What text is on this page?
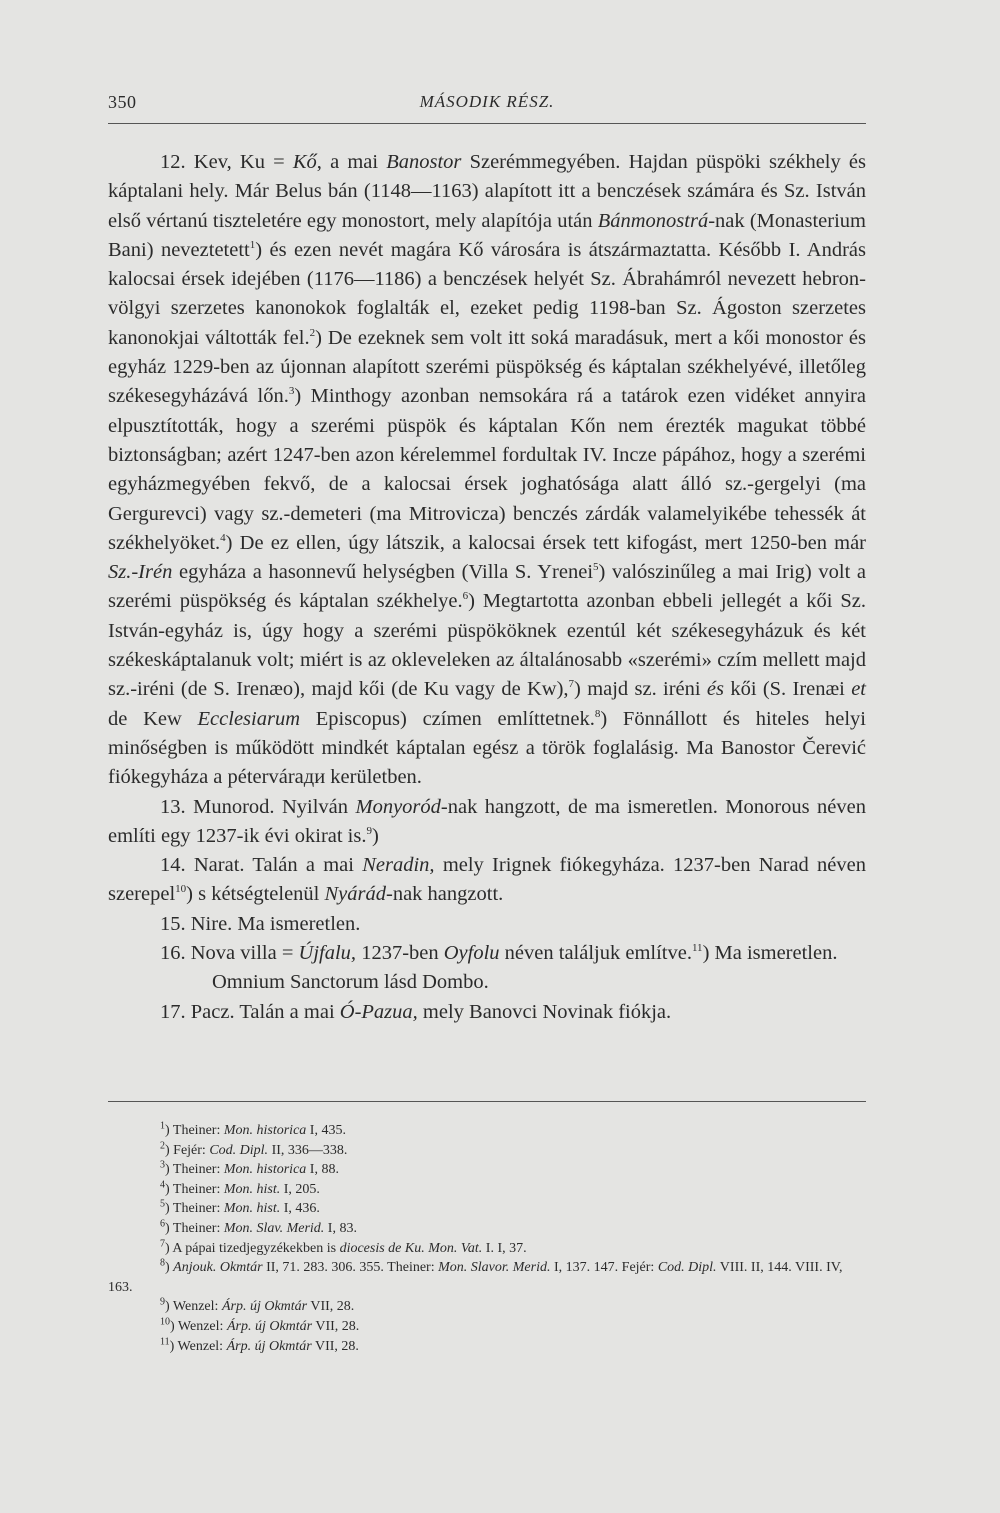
350	MÁSODIK RÉSZ.

12. Kev, Ku = Kő, a mai Banostor Szerémmegyében. Hajdan püspöki székhely és káptalani hely. Már Belus bán (1148—1163) alapított itt a benczések számára és Sz. István első vértanú tiszteletére egy monostort, mely alapítója után Bánmonostrá-nak (Monasterium Bani) neveztetett$^1$) és ezen nevét magára Kő városára is átszármaztatta. Később I. András kalocsai érsek idejében (1176—1186) a benczések helyét Sz. Ábrahámról nevezett hebron-völgyi szerzetes kanonokok foglalták el, ezeket pedig 1198-ban Sz. Ágoston szerzetes kanonokjai váltották fel.$^2$) De ezeknek sem volt itt soká maradásuk, mert a kői monostor és egyház 1229-ben az újonnan alapított szerémi püspökség és káptalan székhelyévé, illetőleg székesegyházává lőn.$^3$) Minthogy azonban nemsokára rá a tatárok ezen vidéket annyira elpusztították, hogy a szerémi püspök és káptalan Kőn nem érezték magukat többé biztonságban; azért 1247-ben azon kérelemmel fordultak IV. Incze pápához, hogy a szerémi egyházmegyében fekvő, de a kalocsai érsek joghatósága alatt álló sz.-gergelyi (ma Gergurevci) vagy sz.-demeteri (ma Mitrovicza) benczés zárdák valamelyikébe tehessék át székhelyöket.$^4$) De ez ellen, úgy látszik, a kalocsai érsek tett kifogást, mert 1250-ben már Sz.-Irén egyháza a hasonnevű helységben (Villa S. Yrenei$^5$) valószinűleg a mai Irig) volt a szerémi püspökség és káptalan székhelye.$^6$) Megtartotta azonban ebbeli jellegét a kői Sz. István-egyház is, úgy hogy a szerémi püspököknek ezentúl két székesegyházuk és két székeskáptalanuk volt; miért is az okleveleken az általánosabb «szerémi» czím mellett majd sz.-iréni (de S. Irenæo), majd kői (de Ku vagy de Kw),$^7$) majd sz. iréni és kői (S. Irenæi et de Kew Ecclesiarum Episcopus) czímen említtetnek.$^8$) Fönnállott és hiteles helyi minőségben is működött mindkét káptalan egész a török foglalásig. Ma Banostor Čerević fiókegyháza a pétervárади kerületben.

13. Munorod. Nyilván Monyoród-nak hangzott, de ma ismeretlen. Monorous néven említi egy 1237-ik évi okirat is.$^9$)

14. Narat. Talán a mai Neradin, mely Irignek fiókegyháza. 1237-ben Narad néven szerepel$^{10}$) s kétségtelenül Nyárád-nak hangzott.

15. Nire. Ma ismeretlen.

16. Nova villa = Újfalu, 1237-ben Oyfolu néven találjuk említve.$^{11}$) Ma ismeretlen.

Omnium Sanctorum lásd Dombo.

17. Pacz. Talán a mai Ó-Pazua, mely Banovci Novinak fiókja.

$^1$) Theiner: Mon. historica I, 435.

$^2$) Fejér: Cod. Dipl. II, 336—338.

$^3$) Theiner: Mon. historica I, 88.

$^4$) Theiner: Mon. hist. I, 205.

$^5$) Theiner: Mon. hist. I, 436.

$^6$) Theiner: Mon. Slav. Merid. I, 83.

$^7$) A pápai tizedjegyzékekben is diocesis de Ku. Mon. Vat. I. I, 37.

$^8$) Anjouk. Okmtár II, 71. 283. 306. 355. Theiner: Mon. Slavor. Merid. I, 137. 147. Fejér: Cod. Dipl. VIII. II, 144. VIII. IV, 163.

$^9$) Wenzel: Árp. új Okmtár VII, 28.

$^{10}$) Wenzel: Árp. új Okmtár VII, 28.

$^{11}$) Wenzel: Árp. új Okmtár VII, 28.
